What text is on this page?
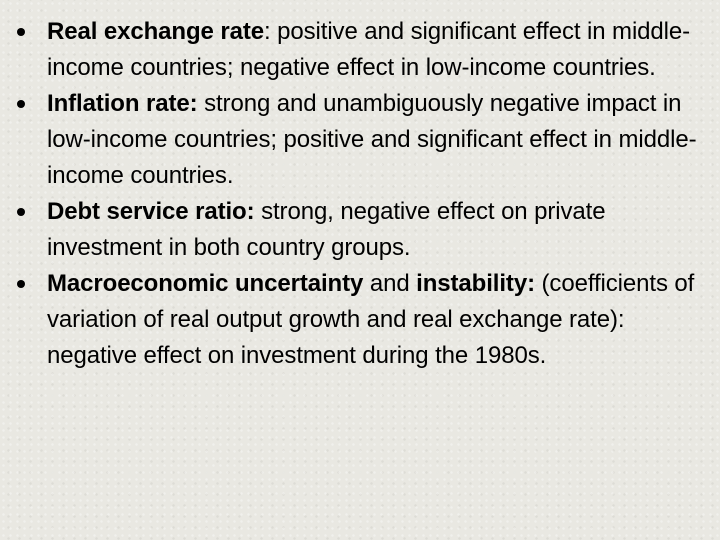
Real exchange rate: positive and significant effect in middle-income countries; negative effect in low-income countries.
Inflation rate: strong and unambiguously negative impact in low-income countries; positive and significant effect in middle-income countries.
Debt service ratio: strong, negative effect on private investment in both country groups.
Macroeconomic uncertainty and instability: (coefficients of variation of real output growth and real exchange rate): negative effect on investment during the 1980s.
